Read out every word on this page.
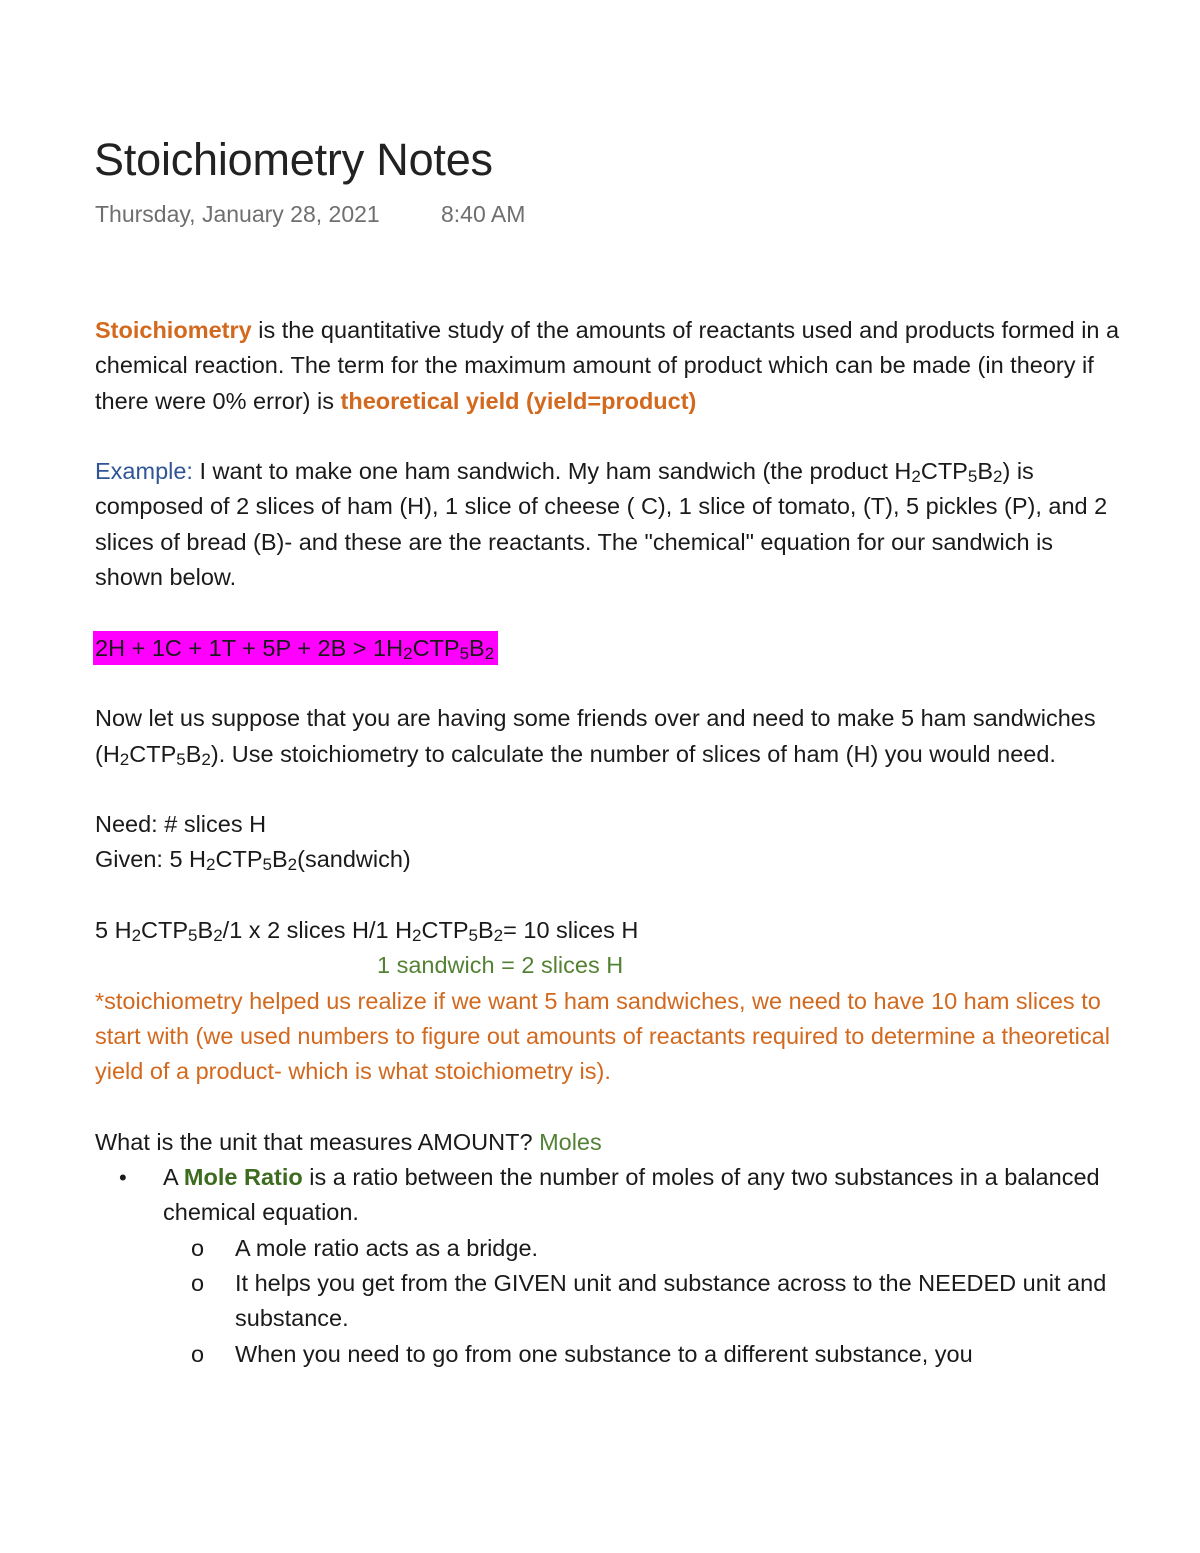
Stoichiometry Notes
Thursday, January 28, 2021	8:40 AM

Stoichiometry is the quantitative study of the amounts of reactants used and products formed in a chemical reaction. The term for the maximum amount of product which can be made (in theory if there were 0% error) is theoretical yield (yield=product)

Example: I want to make one ham sandwich. My ham sandwich (the product $H_2CTP_5B_2$) is composed of 2 slices of ham (H), 1 slice of cheese ( C), 1 slice of tomato, (T), 5 pickles (P), and 2 slices of bread (B)- and these are the reactants. The "chemical" equation for our sandwich is shown below.

$2H + 1C + 1T + 5P + 2B > 1H_2CTP_5B_2$

Now let us suppose that you are having some friends over and need to make 5 ham sandwiches $(H_2CTP_5B_2)$. Use stoichiometry to calculate the number of slices of ham (H) you would need.

Need: # slices H

Given: 5 $H_2CTP_5B_2(sandwich)$

5 $H_2CTP_5B_2/1$ x 2 slices H/1 $H_2CTP_5B_2= 10$ slices H

1 sandwich = 2 slices H

*stoichiometry helped us realize if we want 5 ham sandwiches, we need to have 10 ham slices to start with (we used numbers to figure out amounts of reactants required to determine a theoretical yield of a product- which is what stoichiometry is).

What is the unit that measures AMOUNT? Moles

• A Mole Ratio is a ratio between the number of moles of any two substances in a balanced chemical equation.
o A mole ratio acts as a bridge.
o It helps you get from the GIVEN unit and substance across to the NEEDED unit and substance.
o When you need to go from one substance to a different substance, you
